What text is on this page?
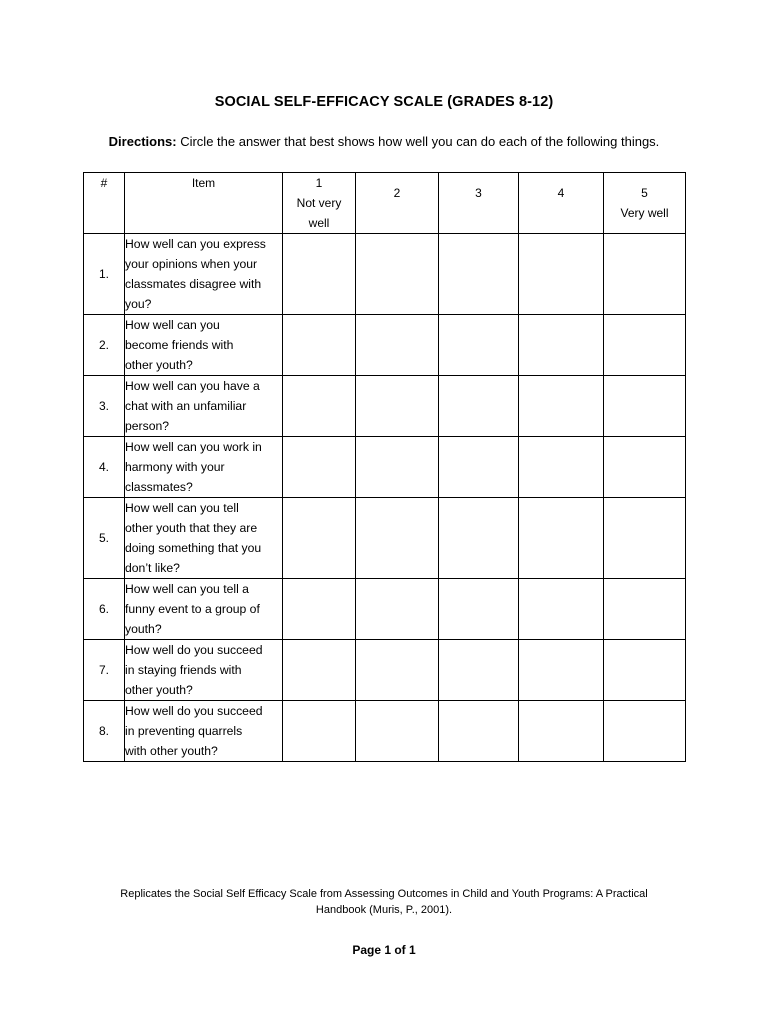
SOCIAL SELF-EFFICACY SCALE (GRADES 8-12)
Directions: Circle the answer that best shows how well you can do each of the following things.
#	Item	1
Not very
well	2	3	4	5
Very well

1.	How well can you express
your opinions when your
classmates disagree with
you?					

2.	How well can you
become friends with
other youth?					

3.	How well can you have a
chat with an unfamiliar
person?					

4.	How well can you work in
harmony with your
classmates?					

5.	How well can you tell
other youth that they are
doing something that you
don’t like?					

6.	How well can you tell a
funny event to a group of
youth?					

7.	How well do you succeed
in staying friends with
other youth?					

8.	How well do you succeed
in preventing quarrels
with other youth?					

Replicates the Social Self Efficacy Scale from Assessing Outcomes in Child and Youth Programs: A Practical
Handbook (Muris, P., 2001).
Page 1 of 1
